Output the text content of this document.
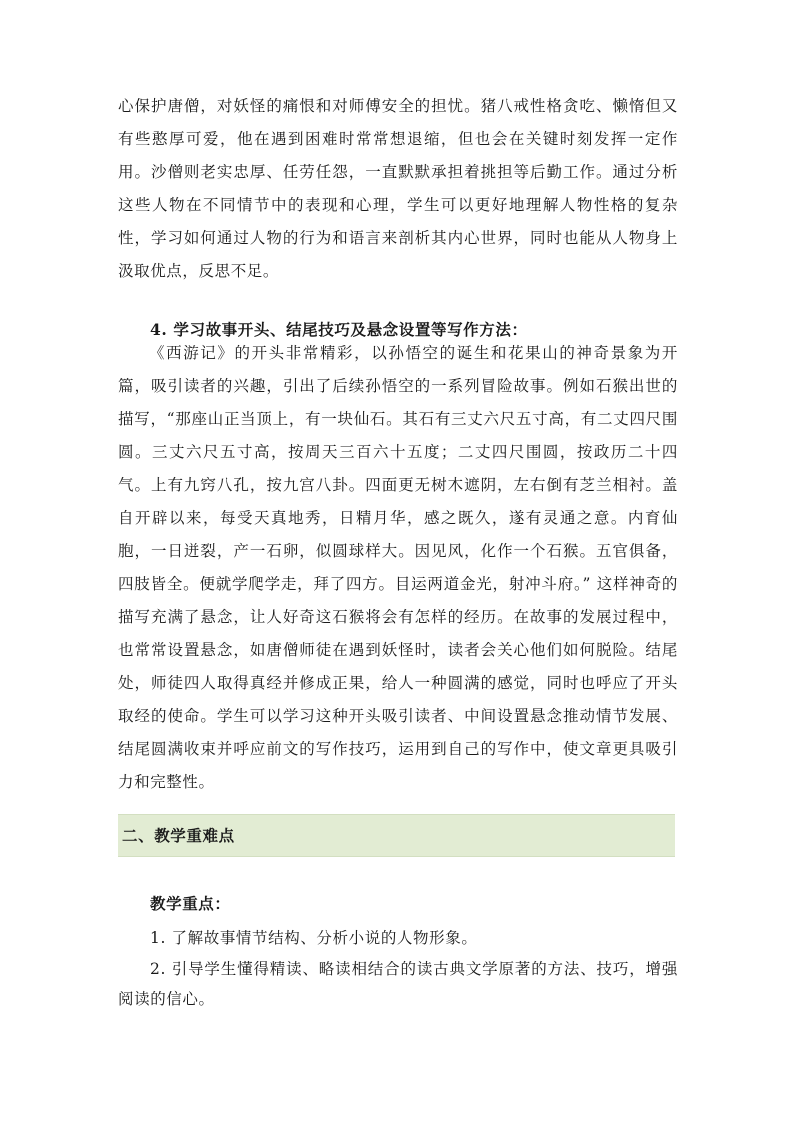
心保护唐僧，对妖怪的痛恨和对师傅安全的担忧。猪八戒性格贪吃、懒惰但又有些憨厚可爱，他在遇到困难时常常想退缩，但也会在关键时刻发挥一定作用。沙僧则老实忠厚、任劳任怨，一直默默承担着挑担等后勤工作。通过分析这些人物在不同情节中的表现和心理，学生可以更好地理解人物性格的复杂性，学习如何通过人物的行为和语言来剖析其内心世界，同时也能从人物身上汲取优点，反思不足。

4. 学习故事开头、结尾技巧及悬念设置等写作方法：

《西游记》的开头非常精彩，以孙悟空的诞生和花果山的神奇景象为开篇，吸引读者的兴趣，引出了后续孙悟空的一系列冒险故事。例如石猴出世的描写，“那座山正当顶上，有一块仙石。其石有三丈六尺五寸高，有二丈四尺围圆。三丈六尺五寸高，按周天三百六十五度；二丈四尺围圆，按政历二十四气。上有九窍八孔，按九宫八卦。四面更无树木遮阴，左右倒有芝兰相衬。盖自开辟以来，每受天真地秀，日精月华，感之既久，遂有灵通之意。内育仙胞，一日迸裂，产一石卵，似圆球样大。因见风，化作一个石猴。五官俱备，四肢皆全。便就学爬学走，拜了四方。目运两道金光，射冲斗府。” 这样神奇的描写充满了悬念，让人好奇这石猴将会有怎样的经历。在故事的发展过程中，也常常设置悬念，如唐僧师徒在遇到妖怪时，读者会关心他们如何脱险。结尾处，师徒四人取得真经并修成正果，给人一种圆满的感觉，同时也呼应了开头取经的使命。学生可以学习这种开头吸引读者、中间设置悬念推动情节发展、结尾圆满收束并呼应前文的写作技巧，运用到自己的写作中，使文章更具吸引力和完整性。

二、教学重难点
教学重点：
1. 了解故事情节结构、分析小说的人物形象。
2. 引导学生懂得精读、略读相结合的读古典文学原著的方法、技巧，增强阅读的信心。
